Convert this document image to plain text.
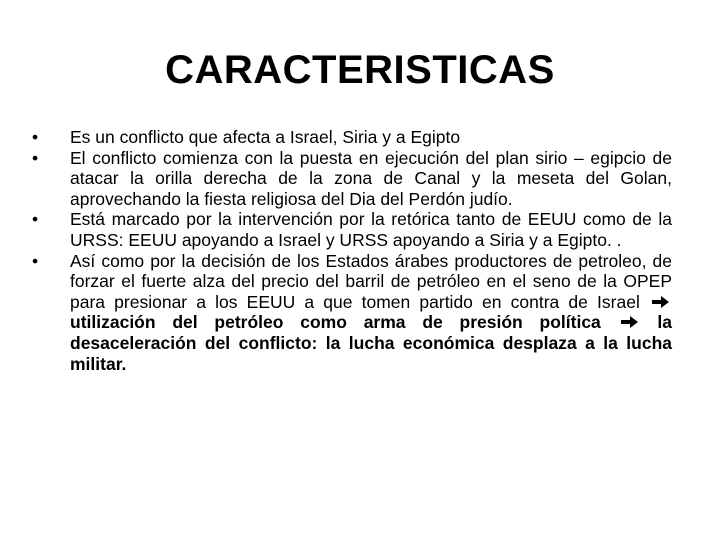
CARACTERISTICAS
•	Es un conflicto que afecta a Israel, Siria y a Egipto
•	El conflicto comienza con la puesta en ejecución del plan sirio – egipcio de atacar la orilla derecha de la zona de Canal y la meseta del Golan, aprovechando la fiesta religiosa del Dia del Perdón judío.
•	Está marcado por la intervención por la retórica tanto de EEUU como de la URSS: EEUU apoyando a Israel y URSS apoyando a Siria y a Egipto. .
•	Así como por la decisión de los Estados árabes productores de petroleo, de forzar el fuerte alza del precio del barril de petróleo en el seno de la OPEP para presionar a los EEUU a que tomen partido en contra de Israel  utilización del petróleo como arma de presión política	la desaceleración del conflicto: la lucha económica desplaza a la lucha militar.
